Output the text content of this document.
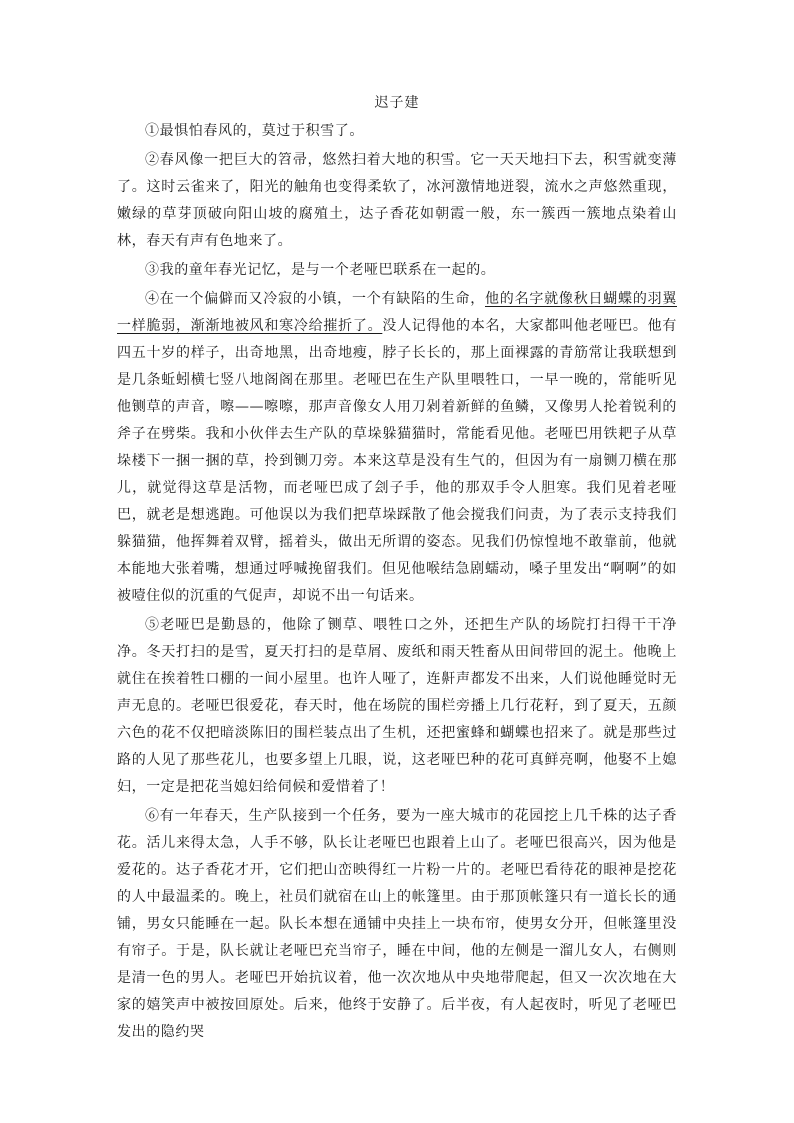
迟子建

①最惧怕春风的，莫过于积雪了。

②春风像一把巨大的笤帚，悠然扫着大地的积雪。它一天天地扫下去，积雪就变薄了。这时云雀来了，阳光的触角也变得柔软了，冰河激情地迸裂，流水之声悠然重现，嫩绿的草芽顶破向阳山坡的腐殖土，达子香花如朝霞一般，东一簇西一簇地点染着山林，春天有声有色地来了。

③我的童年春光记忆，是与一个老哑巴联系在一起的。

④在一个偏僻而又冷寂的小镇，一个有缺陷的生命，他的名字就像秋日蝴蝶的羽翼一样脆弱，渐渐地被风和寒冷给摧折了。没人记得他的本名，大家都叫他老哑巴。他有四五十岁的样子，出奇地黑，出奇地瘦，脖子长长的，那上面裸露的青筋常让我联想到是几条蚯蚓横七竖八地阁阁在那里。老哑巴在生产队里喂牲口，一早一晚的，常能听见他铡草的声音，嚓——嚓嚓，那声音像女人用刀剁着新鲜的鱼鳞，又像男人抡着锐利的斧子在劈柴。我和小伙伴去生产队的草垛躲猫猫时，常能看见他。老哑巴用铁耙子从草垛楼下一捆一捆的草，拎到铡刀旁。本来这草是没有生气的，但因为有一扇铡刀横在那儿，就觉得这草是活物，而老哑巴成了刽子手，他的那双手令人胆寒。我们见着老哑巴，就老是想逃跑。可他误以为我们把草垛踩散了他会搅我们问责，为了表示支持我们躲猫猫，他挥舞着双臂，摇着头，做出无所谓的姿态。见我们仍惊惶地不敢靠前，他就本能地大张着嘴，想通过呼喊挽留我们。但见他喉结急剧蠕动，嗓子里发出“啊啊”的如被噎住似的沉重的气促声，却说不出一句话来。

⑤老哑巴是勤恳的，他除了铡草、喂牲口之外，还把生产队的场院打扫得干干净净。冬天打扫的是雪，夏天打扫的是草屑、废纸和雨天牲畜从田间带回的泥土。他晚上就住在挨着牲口棚的一间小屋里。也许人哑了，连鼾声都发不出来，人们说他睡觉时无声无息的。老哑巴很爱花，春天时，他在场院的围栏旁播上几行花籽，到了夏天，五颜六色的花不仅把暗淡陈旧的围栏装点出了生机，还把蜜蜂和蝴蝶也招来了。就是那些过路的人见了那些花儿，也要多望上几眼，说，这老哑巴种的花可真鲜亮啊，他娶不上媳妇，一定是把花当媳妇给伺候和爱惜着了！

⑥有一年春天，生产队接到一个任务，要为一座大城市的花园挖上几千株的达子香花。活儿来得太急，人手不够，队长让老哑巴也跟着上山了。老哑巴很高兴，因为他是爱花的。达子香花才开，它们把山峦映得红一片粉一片的。老哑巴看待花的眼神是挖花的人中最温柔的。晚上，社员们就宿在山上的帐篷里。由于那顶帐篷只有一道长长的通铺，男女只能睡在一起。队长本想在通铺中央挂上一块布帘，使男女分开，但帐篷里没有帘子。于是，队长就让老哑巴充当帘子，睡在中间，他的左侧是一溜儿女人，右侧则是清一色的男人。老哑巴开始抗议着，他一次次地从中央地带爬起，但又一次次地在大家的嬉笑声中被按回原处。后来，他终于安静了。后半夜，有人起夜时，听见了老哑巴发出的隐约哭
